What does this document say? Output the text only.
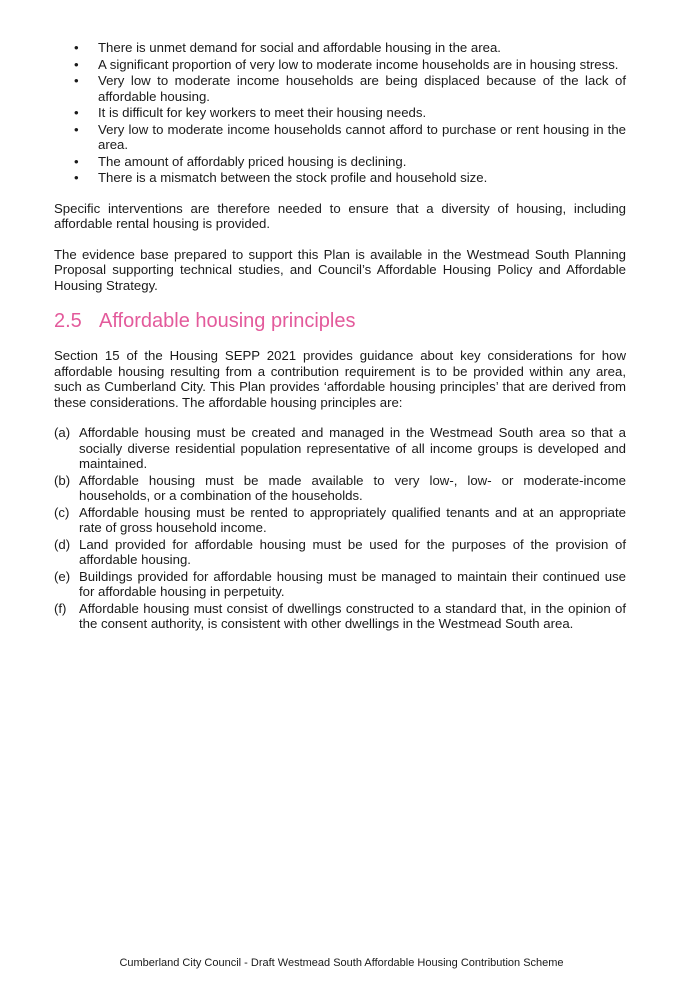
• There is unmet demand for social and affordable housing in the area.
• A significant proportion of very low to moderate income households are in housing stress.
• Very low to moderate income households are being displaced because of the lack of affordable housing.
• It is difficult for key workers to meet their housing needs.
• Very low to moderate income households cannot afford to purchase or rent housing in the area.
• The amount of affordably priced housing is declining.
• There is a mismatch between the stock profile and household size.

Specific interventions are therefore needed to ensure that a diversity of housing, including affordable rental housing is provided.

The evidence base prepared to support this Plan is available in the Westmead South Planning Proposal supporting technical studies, and Council’s Affordable Housing Policy and Affordable Housing Strategy.

2.5 Affordable housing principles

Section 15 of the Housing SEPP 2021 provides guidance about key considerations for how affordable housing resulting from a contribution requirement is to be provided within any area, such as Cumberland City. This Plan provides ‘affordable housing principles’ that are derived from these considerations. The affordable housing principles are:

(a) Affordable housing must be created and managed in the Westmead South area so that a socially diverse residential population representative of all income groups is developed and maintained.
(b) Affordable housing must be made available to very low-, low- or moderate-income households, or a combination of the households.
(c) Affordable housing must be rented to appropriately qualified tenants and at an appropriate rate of gross household income.
(d) Land provided for affordable housing must be used for the purposes of the provision of affordable housing.
(e) Buildings provided for affordable housing must be managed to maintain their continued use for affordable housing in perpetuity.
(f) Affordable housing must consist of dwellings constructed to a standard that, in the opinion of the consent authority, is consistent with other dwellings in the Westmead South area.
Cumberland City Council - Draft Westmead South Affordable Housing Contribution Scheme
